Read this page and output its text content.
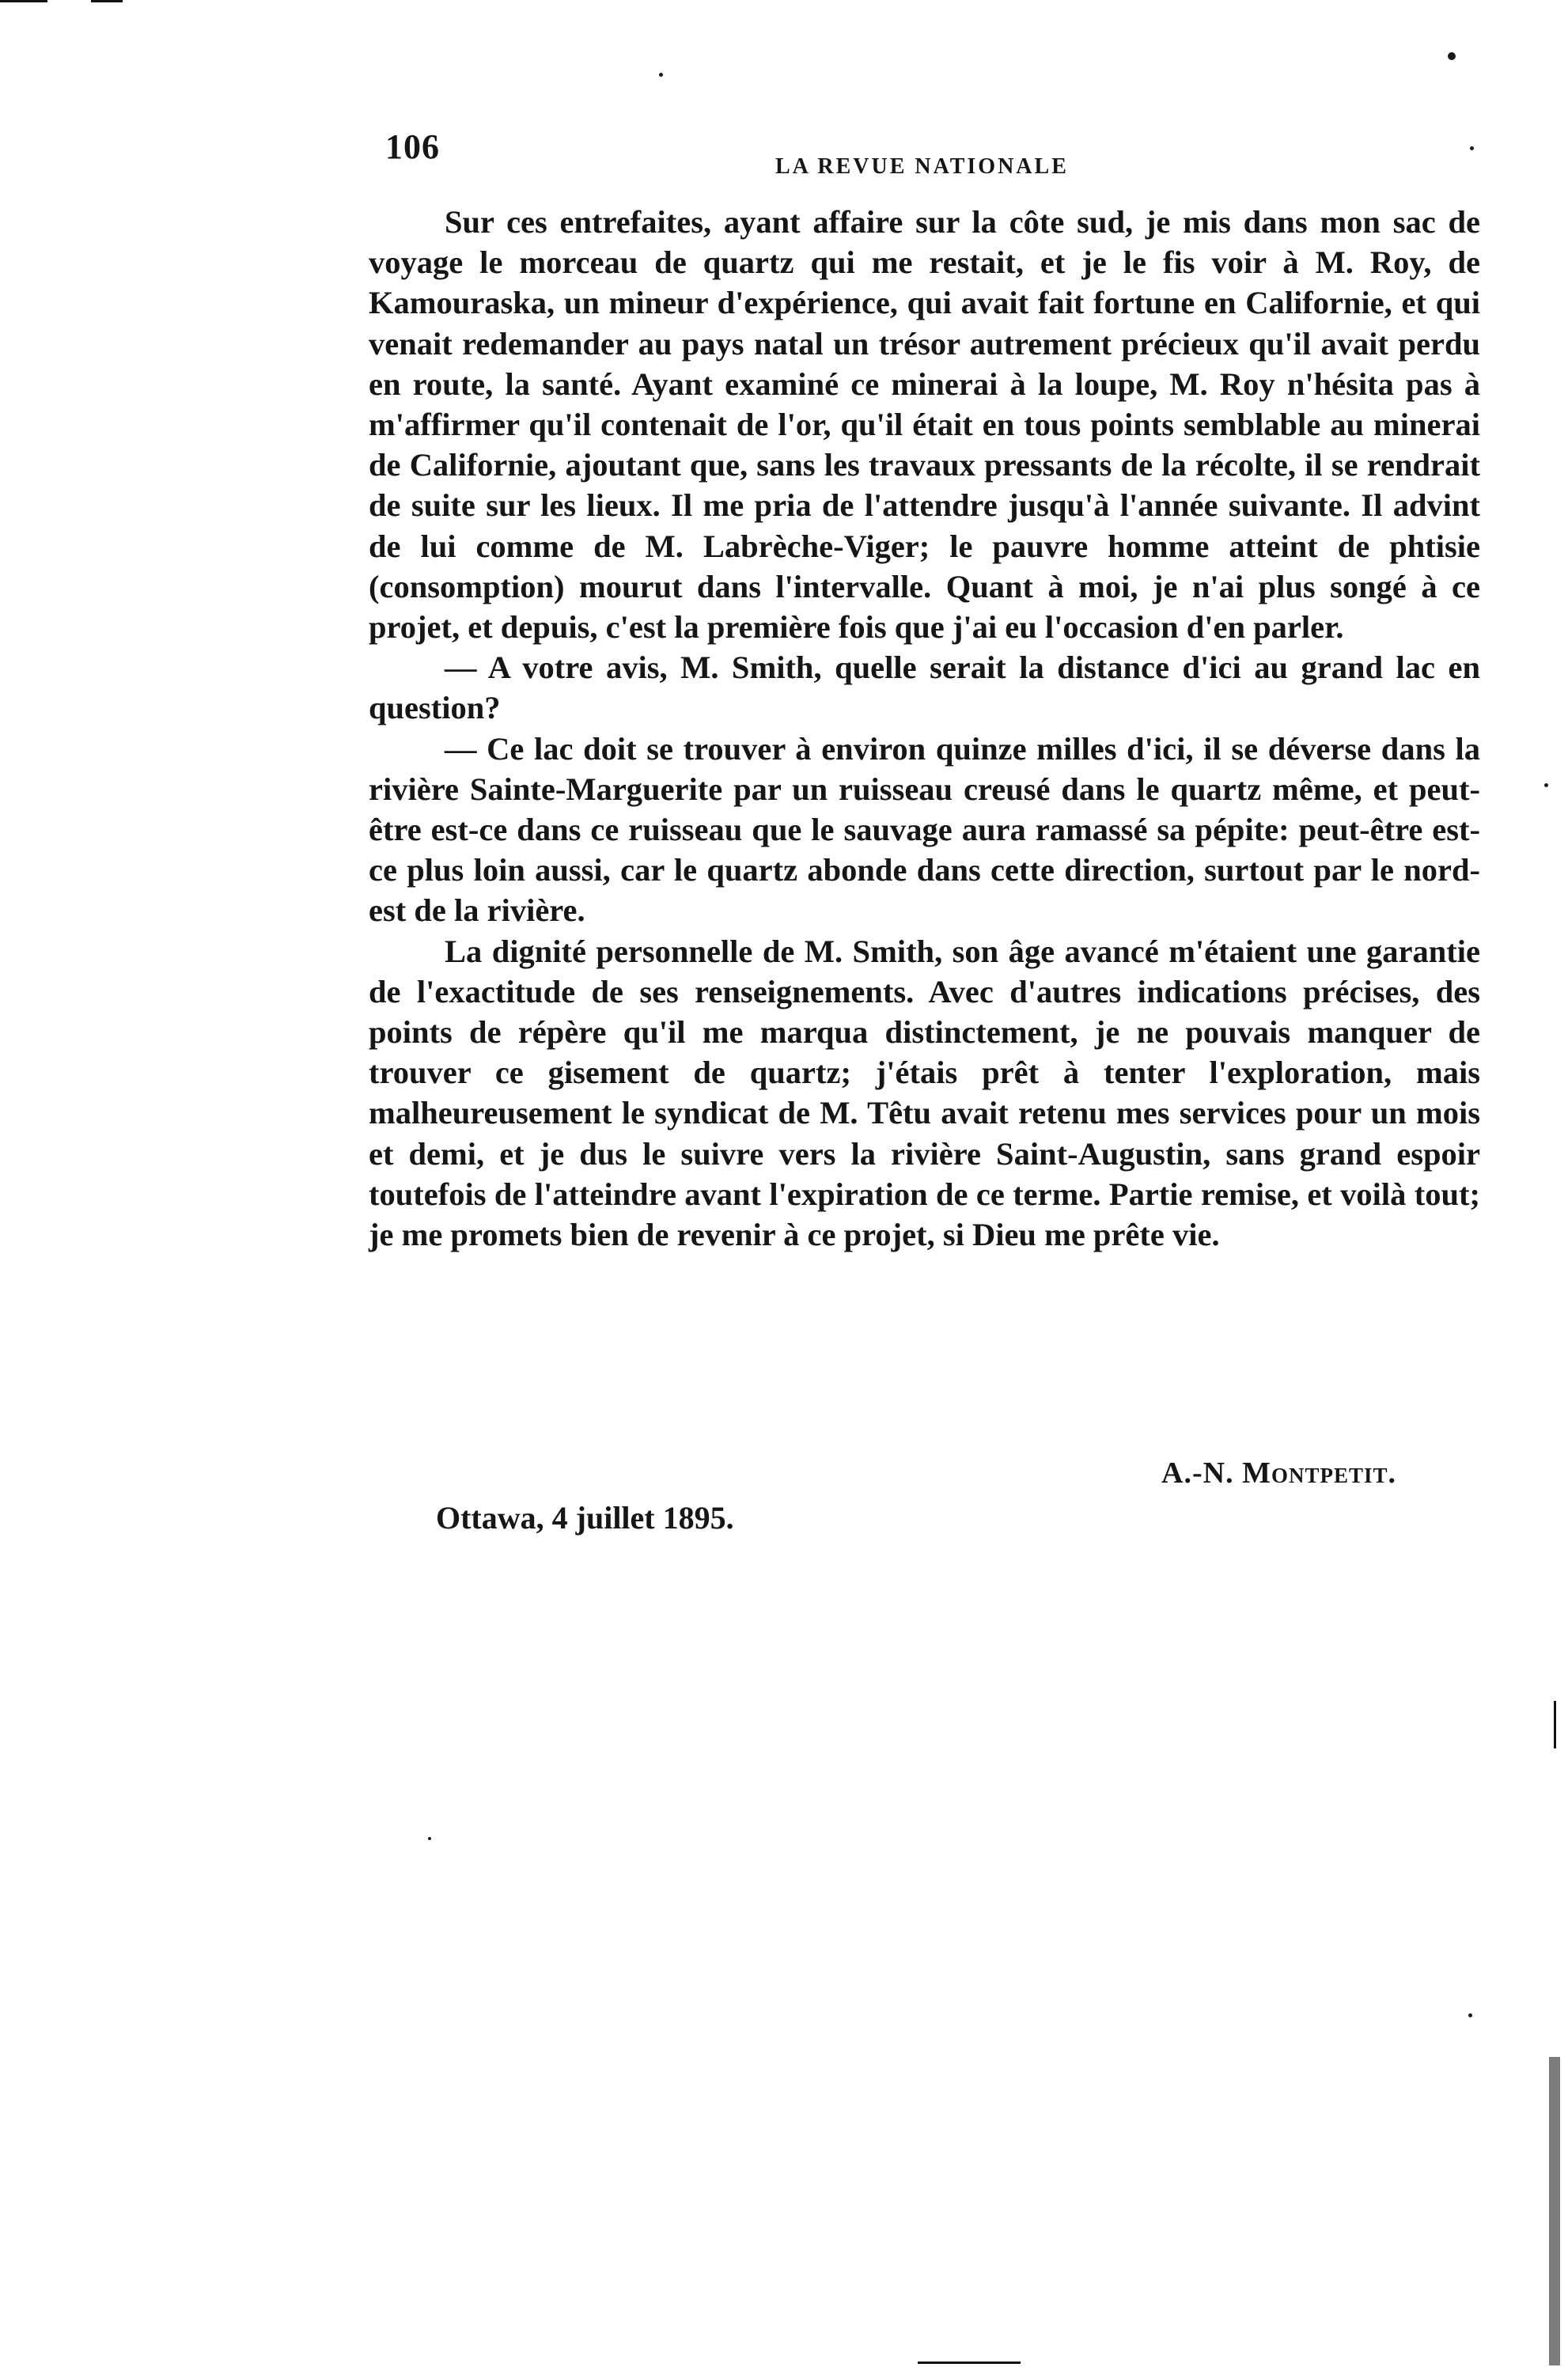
106
LA REVUE NATIONALE

Sur ces entrefaites, ayant affaire sur la côte sud, je mis dans mon sac de voyage le morceau de quartz qui me restait, et je le fis voir à M. Roy, de Kamouraska, un mineur d'expérience, qui avait fait fortune en Californie, et qui venait redemander au pays natal un trésor autrement précieux qu'il avait perdu en route, la santé. Ayant examiné ce minerai à la loupe, M. Roy n'hésita pas à m'affirmer qu'il contenait de l'or, qu'il était en tous points semblable au minerai de Californie, ajoutant que, sans les travaux pressants de la récolte, il se rendrait de suite sur les lieux. Il me pria de l'attendre jusqu'à l'année suivante. Il advint de lui comme de M. Labrèche-Viger; le pauvre homme atteint de phtisie (consomption) mourut dans l'intervalle. Quant à moi, je n'ai plus songé à ce projet, et depuis, c'est la première fois que j'ai eu l'occasion d'en parler.

— A votre avis, M. Smith, quelle serait la distance d'ici au grand lac en question?

— Ce lac doit se trouver à environ quinze milles d'ici, il se déverse dans la rivière Sainte-Marguerite par un ruisseau creusé dans le quartz même, et peut-être est-ce dans ce ruisseau que le sauvage aura ramassé sa pépite: peut-être est-ce plus loin aussi, car le quartz abonde dans cette direction, surtout par le nord-est de la rivière.

La dignité personnelle de M. Smith, son âge avancé m'étaient une garantie de l'exactitude de ses renseignements. Avec d'autres indications précises, des points de répère qu'il me marqua distinctement, je ne pouvais manquer de trouver ce gisement de quartz; j'étais prêt à tenter l'exploration, mais malheureusement le syndicat de M. Têtu avait retenu mes services pour un mois et demi, et je dus le suivre vers la rivière Saint-Augustin, sans grand espoir toutefois de l'atteindre avant l'expiration de ce terme. Partie remise, et voilà tout; je me promets bien de revenir à ce projet, si Dieu me prête vie.

A.-N. Montpetit.
Ottawa, 4 juillet 1895.
